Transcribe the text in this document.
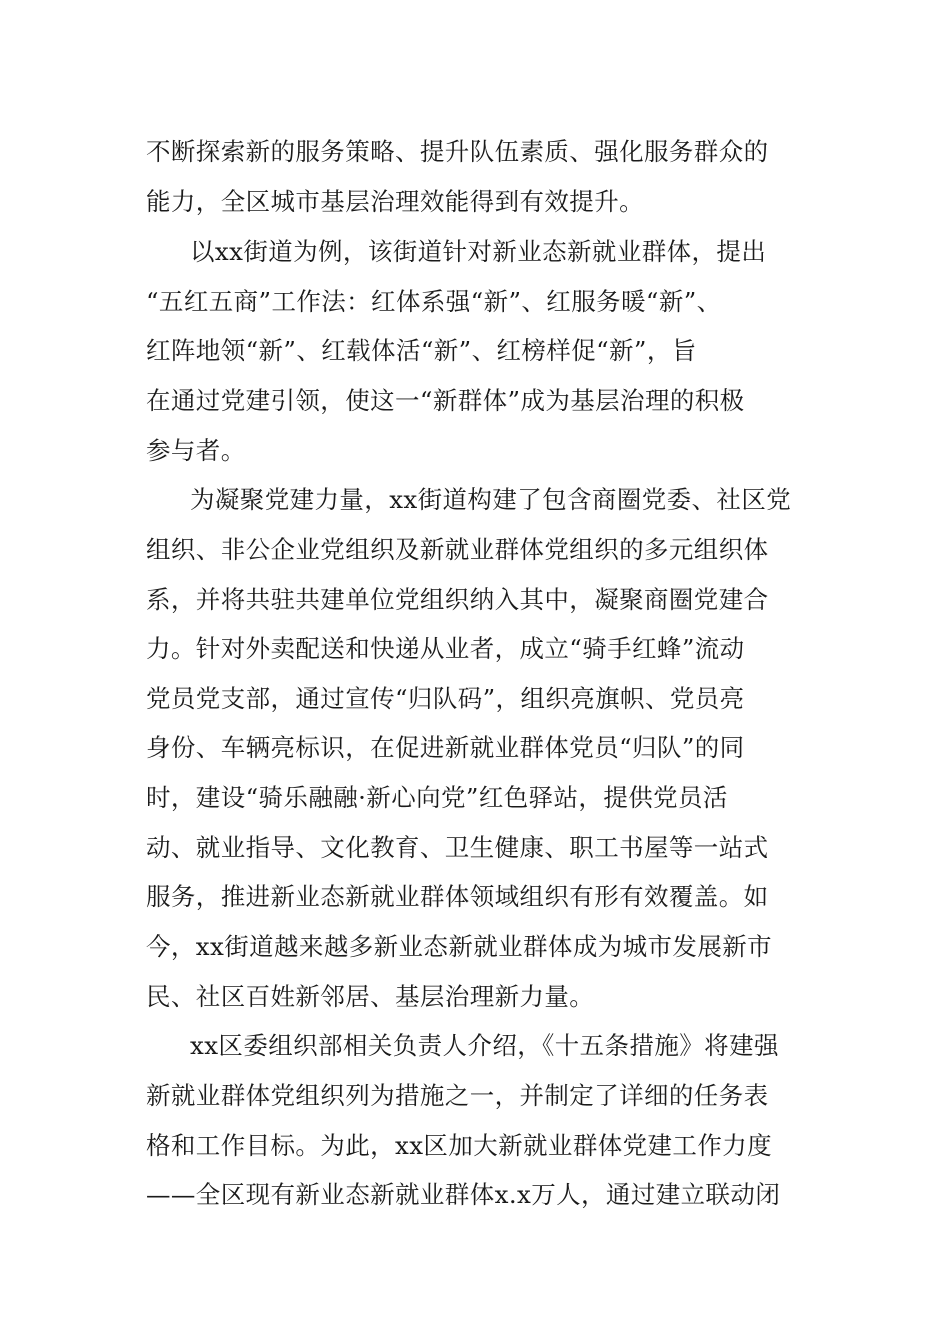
不断探索新的服务策略、提升队伍素质、强化服务群众的
能力，全区城市基层治理效能得到有效提升。
以xx街道为例，该街道针对新业态新就业群体，提出
“五红五商”工作法：红体系强“新”、红服务暖“新”、
红阵地领“新”、红载体活“新”、红榜样促“新”，旨
在通过党建引领，使这一“新群体”成为基层治理的积极
参与者。
为凝聚党建力量，xx街道构建了包含商圈党委、社区党
组织、非公企业党组织及新就业群体党组织的多元组织体
系，并将共驻共建单位党组织纳入其中，凝聚商圈党建合
力。针对外卖配送和快递从业者，成立“骑手红蜂”流动
党员党支部，通过宣传“归队码”，组织亮旗帜、党员亮
身份、车辆亮标识，在促进新就业群体党员“归队”的同
时，建设“骑乐融融·新心向党”红色驿站，提供党员活
动、就业指导、文化教育、卫生健康、职工书屋等一站式
服务，推进新业态新就业群体领域组织有形有效覆盖。如
今，xx街道越来越多新业态新就业群体成为城市发展新市
民、社区百姓新邻居、基层治理新力量。
xx区委组织部相关负责人介绍，《十五条措施》将建强
新就业群体党组织列为措施之一，并制定了详细的任务表
格和工作目标。为此，xx区加大新就业群体党建工作力度
——全区现有新业态新就业群体x.x万人，通过建立联动闭
